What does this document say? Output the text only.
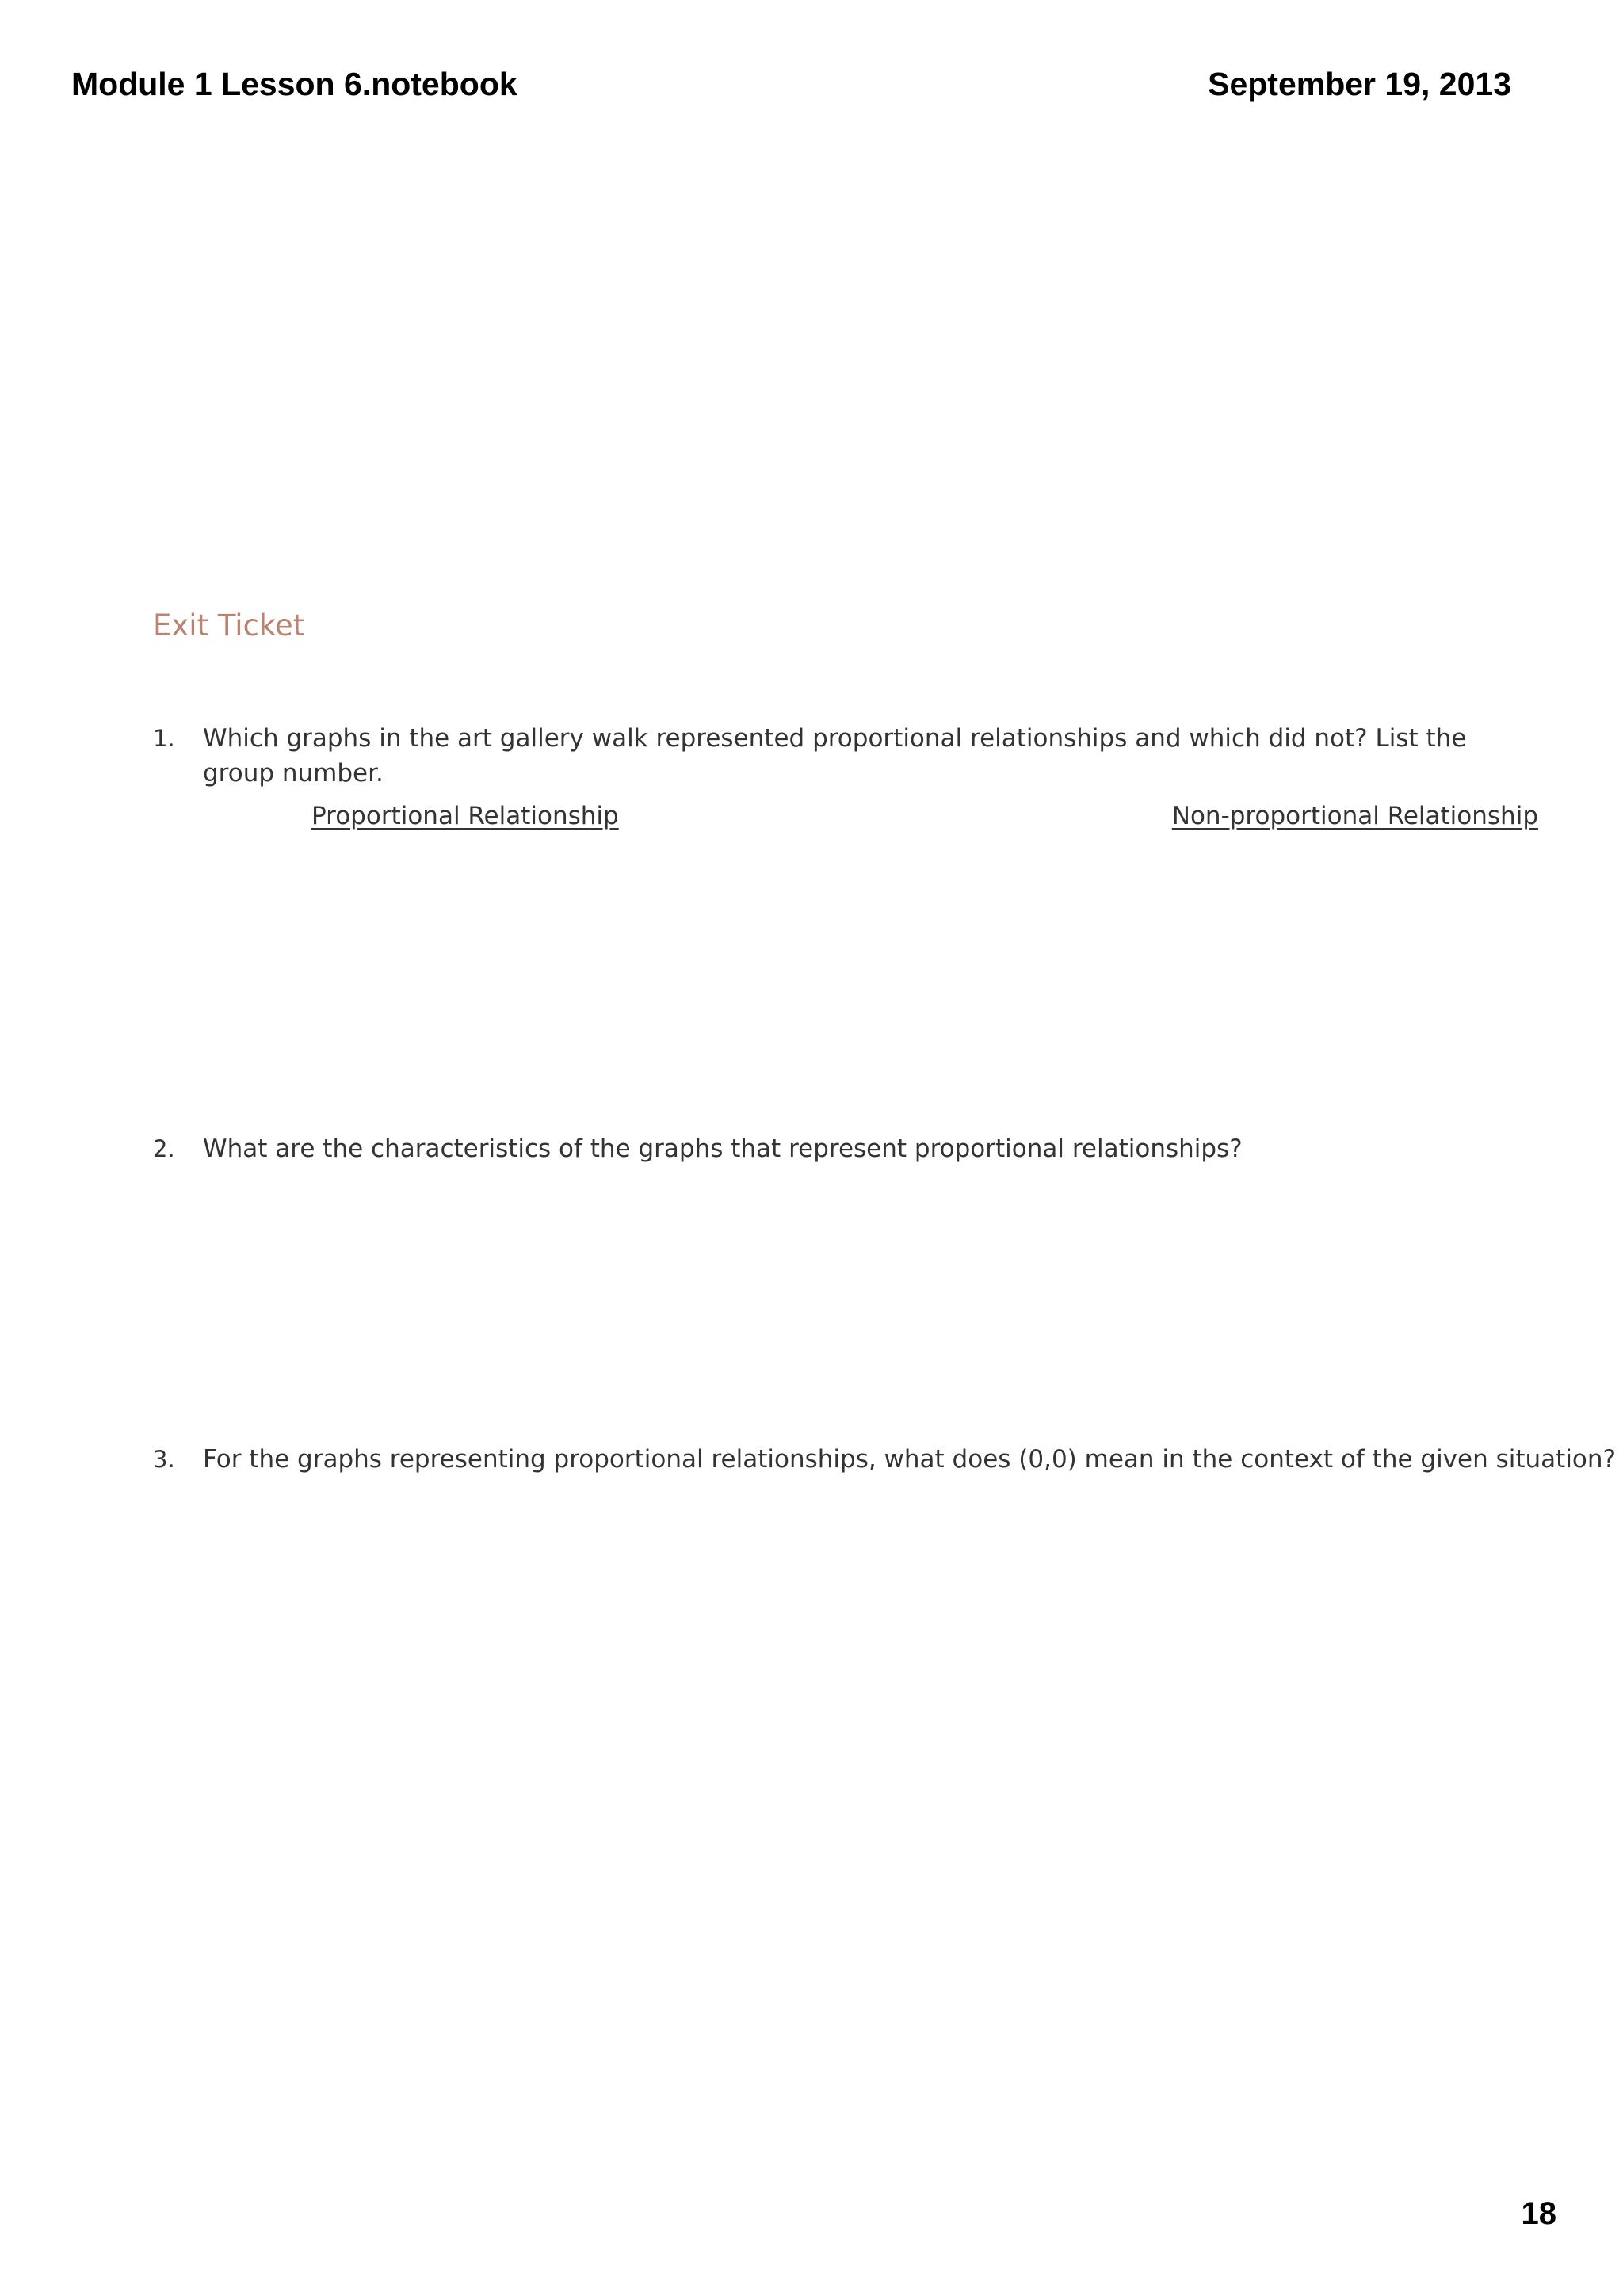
Module 1 Lesson 6.notebook	September 19, 2013
Exit Ticket
1. Which graphs in the art gallery walk represented proportional relationships and which did not? List the group number.
Proportional Relationship	Non-proportional Relationship
2. What are the characteristics of the graphs that represent proportional relationships?
3. For the graphs representing proportional relationships, what does (0,0) mean in the context of the given situation?
18
